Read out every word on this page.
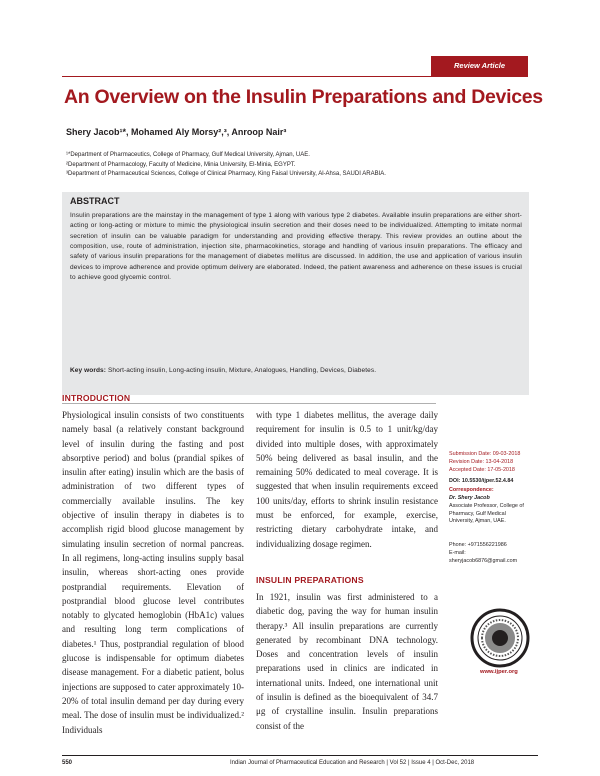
Review Article
An Overview on the Insulin Preparations and Devices
Shery Jacob¹*, Mohamed Aly Morsy²,³, Anroop Nair³
¹*Department of Pharmaceutics, College of Pharmacy, Gulf Medical University, Ajman, UAE.
²Department of Pharmacology, Faculty of Medicine, Minia University, El-Minia, EGYPT.
³Department of Pharmaceutical Sciences, College of Clinical Pharmacy, King Faisal University, Al-Ahsa, SAUDI ARABIA.
ABSTRACT
Insulin preparations are the mainstay in the management of type 1 along with various type 2 diabetes. Available insulin preparations are either short-acting or long-acting or mixture to mimic the physiological insulin secretion and their doses need to be individualized. Attempting to imitate normal secretion of insulin can be valuable paradigm for understanding and providing effective therapy. This review provides an outline about the composition, use, route of administration, injection site, pharmacokinetics, storage and handling of various insulin preparations. The efficacy and safety of various insulin preparations for the management of diabetes mellitus are discussed. In addition, the use and application of various insulin devices to improve adherence and provide optimum delivery are elaborated. Indeed, the patient awareness and adherence on these issues is crucial to achieve good glycemic control.
Key words: Short-acting insulin, Long-acting insulin, Mixture, Analogues, Handling, Devices, Diabetes.
INTRODUCTION
Physiological insulin consists of two constituents namely basal (a relatively constant background level of insulin during the fasting and post absorptive period) and bolus (prandial spikes of insulin after eating) insulin which are the basis of administration of two different types of commercially available insulins. The key objective of insulin therapy in diabetes is to accomplish rigid blood glucose management by simulating insulin secretion of normal pancreas. In all regimens, long-acting insulins supply basal insulin, whereas short-acting ones provide postprandial requirements. Elevation of postprandial blood glucose level contributes notably to glycated hemoglobin (HbA1c) values and resulting long term complications of diabetes.¹ Thus, postprandial regulation of blood glucose is indispensable for optimum diabetes disease management. For a diabetic patient, bolus injections are supposed to cater approximately 10-20% of total insulin demand per day during every meal. The dose of insulin must be individualized.² Individuals
with type 1 diabetes mellitus, the average daily requirement for insulin is 0.5 to 1 unit/kg/day divided into multiple doses, with approximately 50% being delivered as basal insulin, and the remaining 50% dedicated to meal coverage. It is suggested that when insulin requirements exceed 100 units/day, efforts to shrink insulin resistance must be enforced, for example, exercise, restricting dietary carbohydrate intake, and individualizing dosage regimen.
INSULIN PREPARATIONS
In 1921, insulin was first administered to a diabetic dog, paving the way for human insulin therapy.³ All insulin preparations are currently generated by recombinant DNA technology. Doses and concentration levels of insulin preparations used in clinics are indicated in international units. Indeed, one international unit of insulin is defined as the bioequivalent of 34.7 μg of crystalline insulin. Insulin preparations consist of the
Submission Date: 09-03-2018
Revision Date: 13-04-2018
Accepted Date: 17-05-2018
DOI: 10.5530/ijper.52.4.84
Correspondence:
Dr. Shery Jacob
Associate Professor, College of Pharmacy, Gulf Medical University, Ajman, UAE.
Phone: +971556221986
E-mail: sheryjacob6876@gmail.com
www.ijper.org
550	Indian Journal of Pharmaceutical Education and Research | Vol 52 | Issue 4 | Oct-Dec, 2018
